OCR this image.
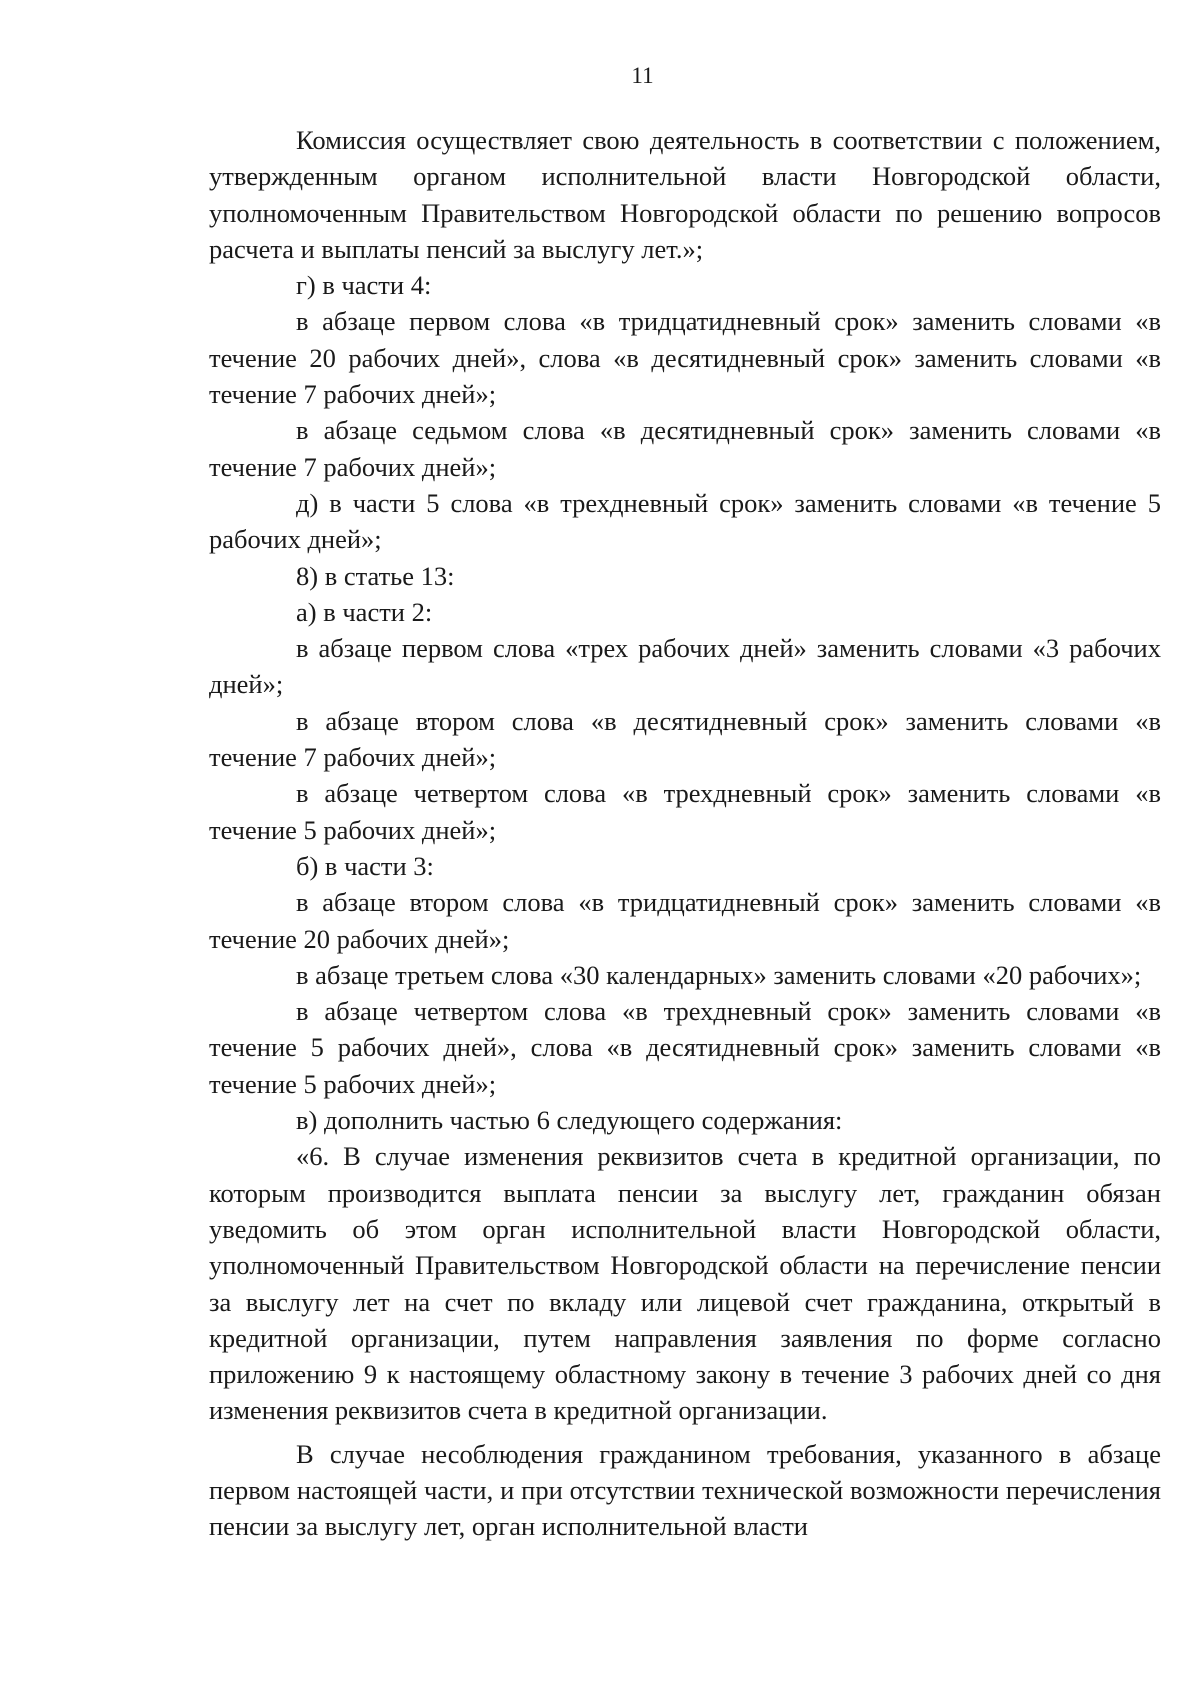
11

Комиссия осуществляет свою деятельность в соответствии с положением, утвержденным органом исполнительной власти Новгородской области, уполномоченным Правительством Новгородской области по решению вопросов расчета и выплаты пенсий за выслугу лет.»;

г) в части 4:

в абзаце первом слова «в тридцатидневный срок» заменить словами «в течение 20 рабочих дней», слова «в десятидневный срок» заменить словами «в течение 7 рабочих дней»;

в абзаце седьмом слова «в десятидневный срок» заменить словами «в течение 7 рабочих дней»;

д) в части 5 слова «в трехдневный срок» заменить словами «в течение 5 рабочих дней»;

8) в статье 13:

а) в части 2:

в абзаце первом слова «трех рабочих дней» заменить словами «3 рабочих дней»;

в абзаце втором слова «в десятидневный срок» заменить словами «в течение 7 рабочих дней»;

в абзаце четвертом слова «в трехдневный срок» заменить словами «в течение 5 рабочих дней»;

б) в части 3:

в абзаце втором слова «в тридцатидневный срок» заменить словами «в течение 20 рабочих дней»;

в абзаце третьем слова «30 календарных» заменить словами «20 рабочих»;

в абзаце четвертом слова «в трехдневный срок» заменить словами «в течение 5 рабочих дней», слова «в десятидневный срок» заменить словами «в течение 5 рабочих дней»;

в) дополнить частью 6 следующего содержания:

«6. В случае изменения реквизитов счета в кредитной организации, по которым производится выплата пенсии за выслугу лет, гражданин обязан уведомить об этом орган исполнительной власти Новгородской области, уполномоченный Правительством Новгородской области на перечисление пенсии за выслугу лет на счет по вкладу или лицевой счет гражданина, открытый в кредитной организации, путем направления заявления по форме согласно приложению 9 к настоящему областному закону в течение 3 рабочих дней со дня изменения реквизитов счета в кредитной организации.

В случае несоблюдения гражданином требования, указанного в абзаце первом настоящей части, и при отсутствии технической возможности перечисления пенсии за выслугу лет, орган исполнительной власти
